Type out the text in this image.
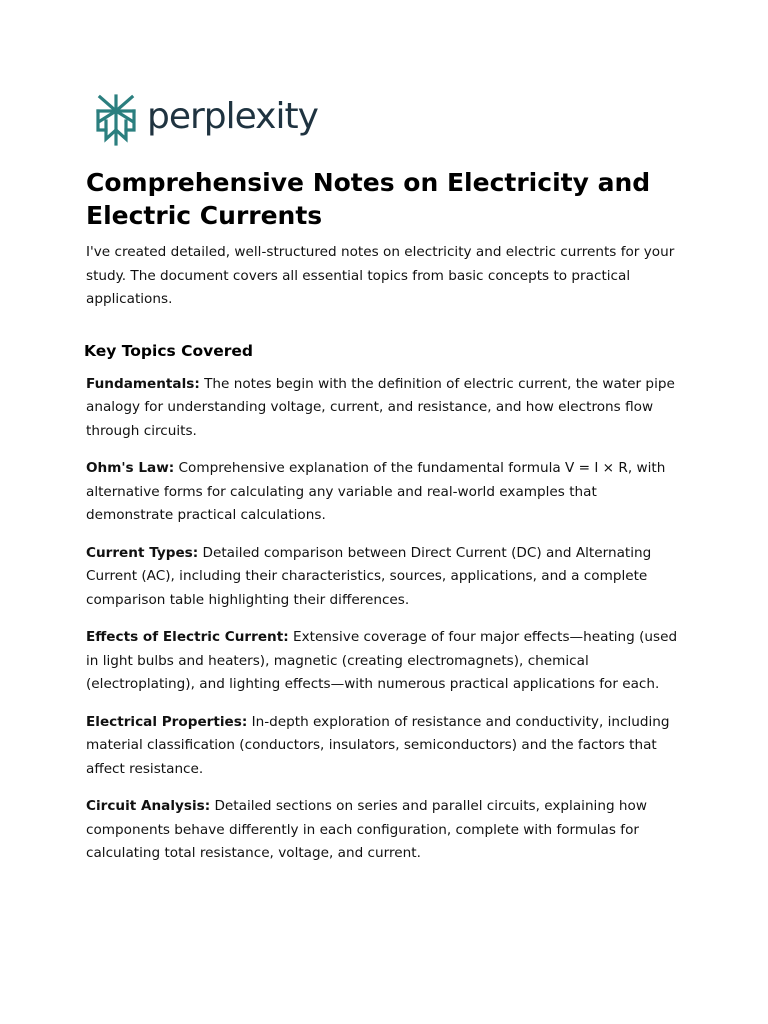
perplexity
Comprehensive Notes on Electricity and Electric Currents

I've created detailed, well-structured notes on electricity and electric currents for your study. The document covers all essential topics from basic concepts to practical applications.

Key Topics Covered

Fundamentals: The notes begin with the definition of electric current, the water pipe analogy for understanding voltage, current, and resistance, and how electrons flow through circuits.

Ohm's Law: Comprehensive explanation of the fundamental formula V = I × R, with alternative forms for calculating any variable and real-world examples that demonstrate practical calculations.

Current Types: Detailed comparison between Direct Current (DC) and Alternating Current (AC), including their characteristics, sources, applications, and a complete comparison table highlighting their differences.

Effects of Electric Current: Extensive coverage of four major effects—heating (used in light bulbs and heaters), magnetic (creating electromagnets), chemical (electroplating), and lighting effects—with numerous practical applications for each.

Electrical Properties: In-depth exploration of resistance and conductivity, including material classification (conductors, insulators, semiconductors) and the factors that affect resistance.

Circuit Analysis: Detailed sections on series and parallel circuits, explaining how components behave differently in each configuration, complete with formulas for calculating total resistance, voltage, and current.
